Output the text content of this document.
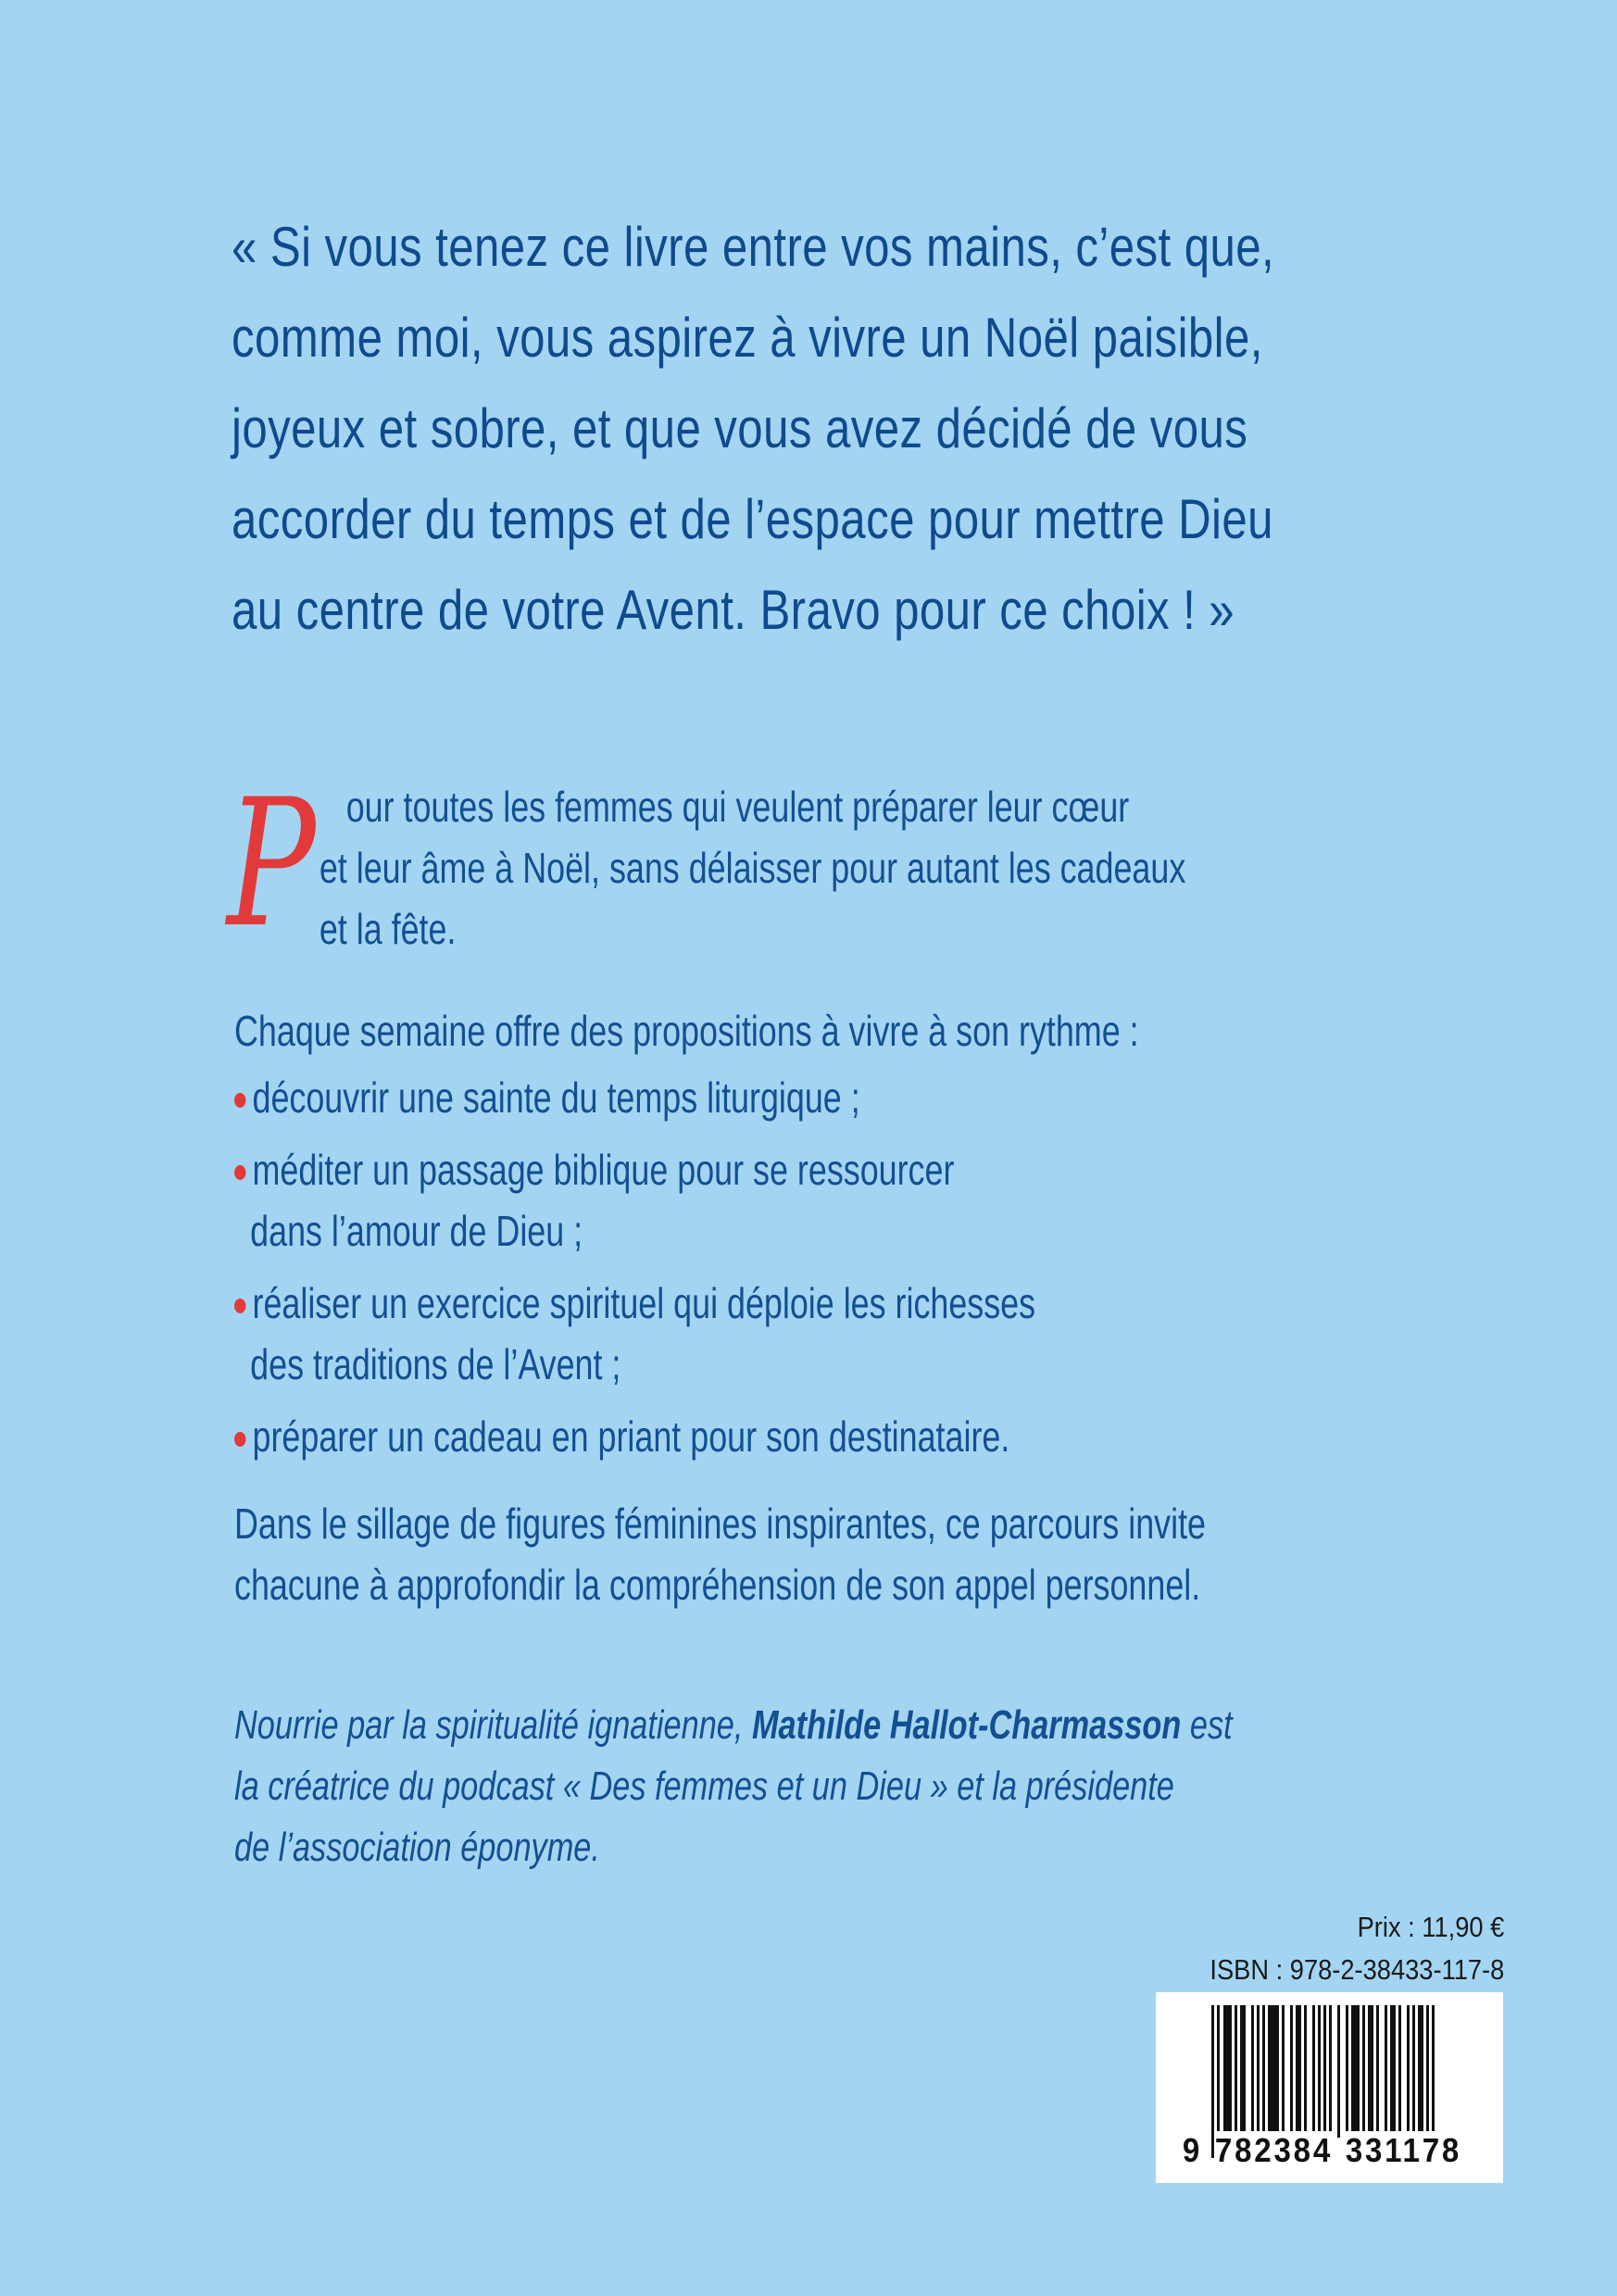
« Si vous tenez ce livre entre vos mains, c’est que,
comme moi, vous aspirez à vivre un Noël paisible,
joyeux et sobre, et que vous avez décidé de vous
accorder du temps et de l’espace pour mettre Dieu
au centre de votre Avent. Bravo pour ce choix ! »
P our toutes les femmes qui veulent préparer leur cœur
et leur âme à Noël, sans délaisser pour autant les cadeaux
et la fête.
Chaque semaine offre des propositions à vivre à son rythme :
découvrir une sainte du temps liturgique ;
méditer un passage biblique pour se ressourcer
dans l’amour de Dieu ;
réaliser un exercice spirituel qui déploie les richesses
des traditions de l’Avent ;
préparer un cadeau en priant pour son destinataire.
Dans le sillage de figures féminines inspirantes, ce parcours invite
chacune à approfondir la compréhension de son appel personnel.
Nourrie par la spiritualité ignatienne, Mathilde Hallot-Charmasson est
la créatrice du podcast « Des femmes et un Dieu » et la présidente
de l’association éponyme.
Prix : 11,90 €
ISBN : 978-2-38433-117-8
9 782384 331178
